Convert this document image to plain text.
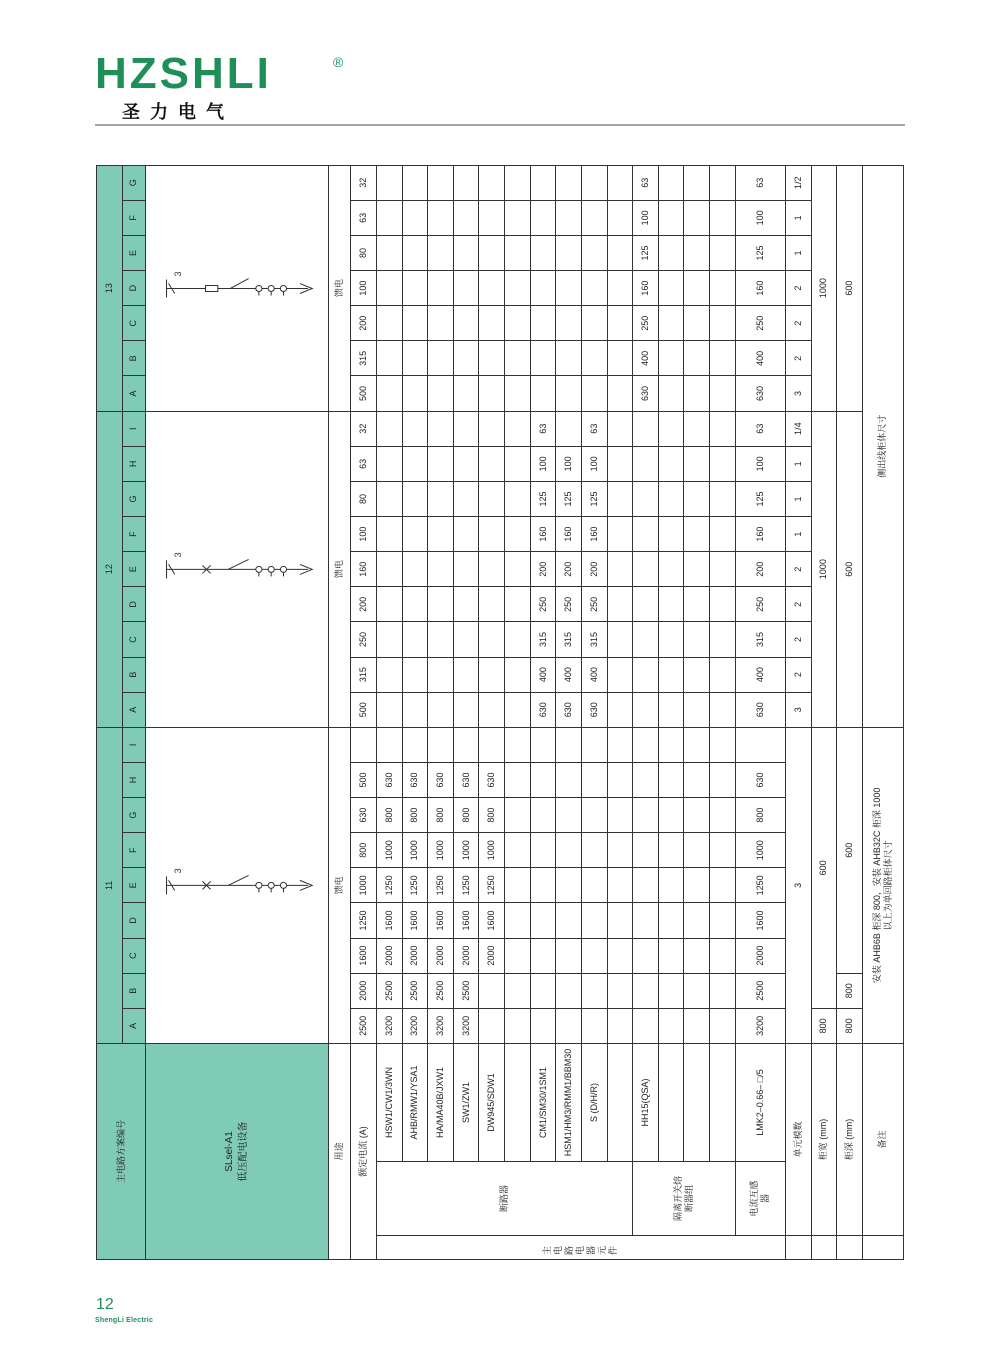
HZSHLI	®
圣力电气
主电路方案编号			11									12									13						
			A	B	C	D	E	F	G	H	I	A	B	C	D	E	F	G	H	I	A	B	C	D	E	F	G

SLsel-A1 低压配电设备			3									3									3						

用途			馈电									馈电									馈电						
额定电流 (A)			2500	2000	1600	1250	1000	800	630	500		500	315	250	200	160	100	80	63	32	500	315	200	100	80	63	32
主电路电器元件	断路器	HSW1/CW1/3WN	3200	2500	2000	1600	1250	1000	800	630																	
		AHB/RMW1/YSA1	3200	2500	2000	1600	1250	1000	800	630																	
		HA/MA40B/JXW1	3200	2500	2000	1600	1250	1000	800	630																	
		SW1/ZW1	3200	2500	2000	1600	1250	1000	800	630																	
		DW945/SDW1			2000	1600	1250	1000	800	630																	

		CM1/SM30/1SM1										630	400	315	250	200	160	125	100	63							
		HSM1/HM3/RMM1/BBM30										630	400	315	250	200	160	125	100								
		S (D/H/R)										630	400	315	250	200	160	125	100	63							

	隔离开关熔断器组	HH15(QSA)																			630	400	250	160	125	100	63

	电流互感器	LMK2–0.66– □/5	3200	2500	2000	1600	1250	1000	800	630		630	400	315	250	200	160	125	100	63	630	400	250	160	125	100	63
	单元模数		3									3	2	2	2	2	1	1	1	1/4	3	2	2	2	1	1	1/2
	柜宽 (mm)		800	600								1000									1000						
	柜深 (mm)		800	800	600							600									600						
	备注		安装 AHB6B 柜深 800，安装 AHB32C 柜深 1000 以上为单回路柜体尺寸									侧出线柜体尺寸															
12
ShengLi Electric
